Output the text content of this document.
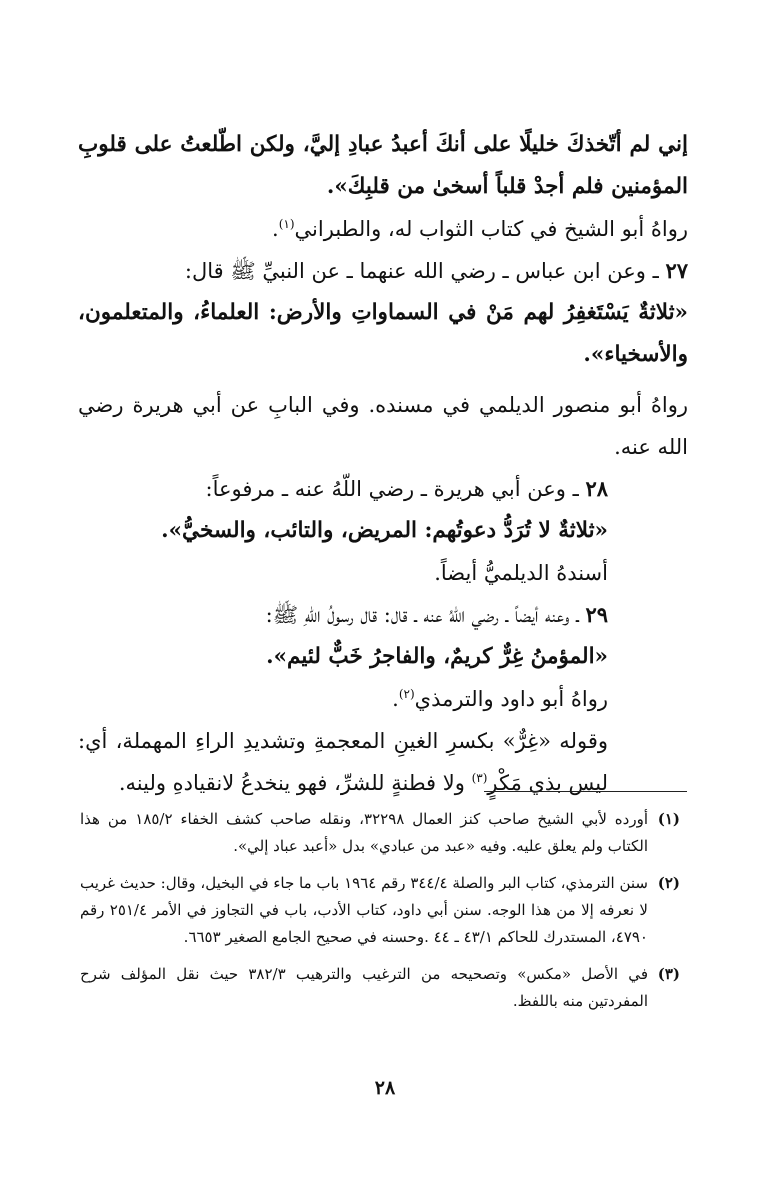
إني لم أتّخذكَ خليلًا على أنكَ أعبدُ عبادِ إليَّ، ولكن اطّلعتُ على قلوبِ المؤمنين فلم أجدْ قلباً أسخىٰ من قلبِكَ».

رواهُ أبو الشيخ في كتاب الثواب له، والطبراني$^{(١)}$.

٢٧ ـ وعن ابن عباس ـ رضي الله عنهما ـ عن النبيِّ ﷺ قال:

«ثلاثةٌ يَسْتَغفِرُ لهم مَنْ في السماواتِ والأرض: العلماءُ، والمتعلمون، والأسخياء».

رواهُ أبو منصور الديلمي في مسنده. وفي البابِ عن أبي هريرة رضي الله عنه.

٢٨ ـ وعن أبي هريرة ـ رضي اللّهُ عنه ـ مرفوعاً:

«ثلاثةٌ لا تُرَدُّ دعوتُهم: المريض، والتائب، والسخيُّ».

أسندهُ الديلميُّ أيضاً.

٢٩ ـ وعنه أيضاً ـ رضي اللّهُ عنه ـ قال: قال رسولُ اللّهِ ﷺ:

«المؤمنُ غِرٌّ كريمٌ، والفاجرُ خَبٌّ لئيم».

رواهُ أبو داود والترمذي$^{(٢)}$.

وقوله «غِرٌّ» بكسرِ الغينِ المعجمةِ وتشديدِ الراءِ المهملة، أي: ليس بذي مَكْرٍ$^{(٣)}$ ولا فطنةٍ للشرِّ، فهو ينخدعُ لانقيادهِ ولينه.

(١)
أورده لأبي الشيخ صاحب كنز العمال ٣٢٢٩٨، ونقله صاحب كشف الخفاء ١٨٥/٢ من هذا الكتاب ولم يعلق عليه. وفيه «عبد من عبادي» بدل «أعبد عباد إلي».
(٢)
سنن الترمذي، كتاب البر والصلة ٣٤٤/٤ رقم ١٩٦٤ باب ما جاء في البخيل، وقال: حديث غريب لا نعرفه إلا من هذا الوجه. سنن أبي داود، كتاب الأدب، باب في التجاوز في الأمر ٢٥١/٤ رقم ٤٧٩٠، المستدرك للحاكم ٤٣/١ ـ ٤٤ .وحسنه في صحيح الجامع الصغير ٦٦٥٣.
(٣)
في الأصل «مكس» وتصحيحه من الترغيب والترهيب ٣٨٢/٣ حيث نقل المؤلف شرح المفردتين منه باللفظ.
٢٨
